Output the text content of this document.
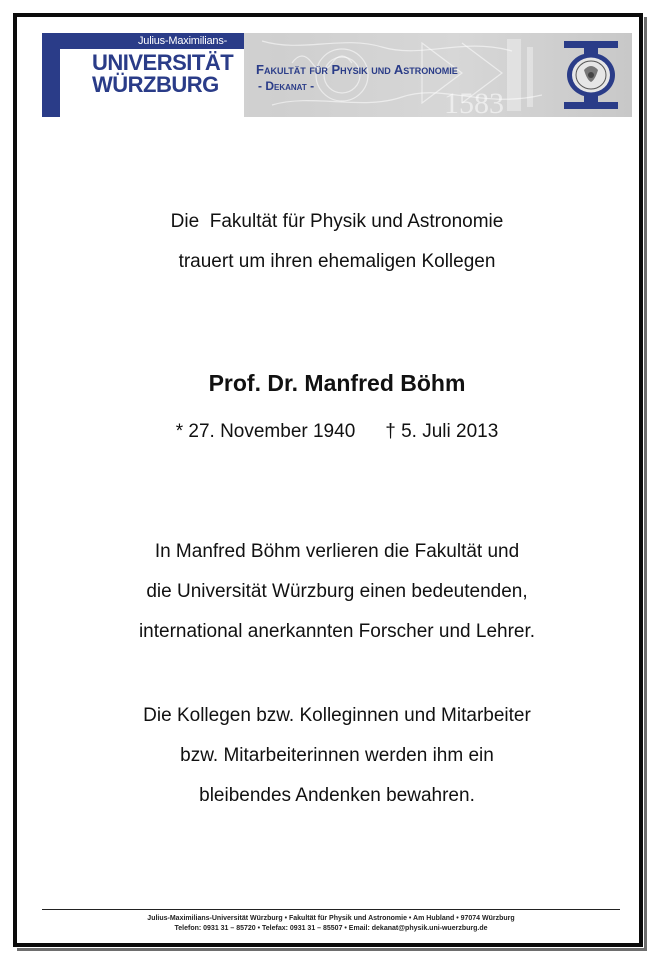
1583
Julius-Maximilians-
UNIVERSITÄT
WÜRZBURG
Fakultät für Physik und Astronomie
- Dekanat -
Die  Fakultät für Physik und Astronomie
trauert um ihren ehemaligen Kollegen
Prof. Dr. Manfred Böhm
* 27. November 1940 † 5. Juli 2013
In Manfred Böhm verlieren die Fakultät und
die Universität Würzburg einen bedeutenden,
international anerkannten Forscher und Lehrer.
Die Kollegen bzw. Kolleginnen und Mitarbeiter
bzw. Mitarbeiterinnen werden ihm ein
bleibendes Andenken bewahren.
Julius-Maximilians-Universität Würzburg • Fakultät für Physik und Astronomie • Am Hubland • 97074 Würzburg
Telefon: 0931 31 – 85720 • Telefax: 0931 31 – 85507 • Email: dekanat@physik.uni-wuerzburg.de
